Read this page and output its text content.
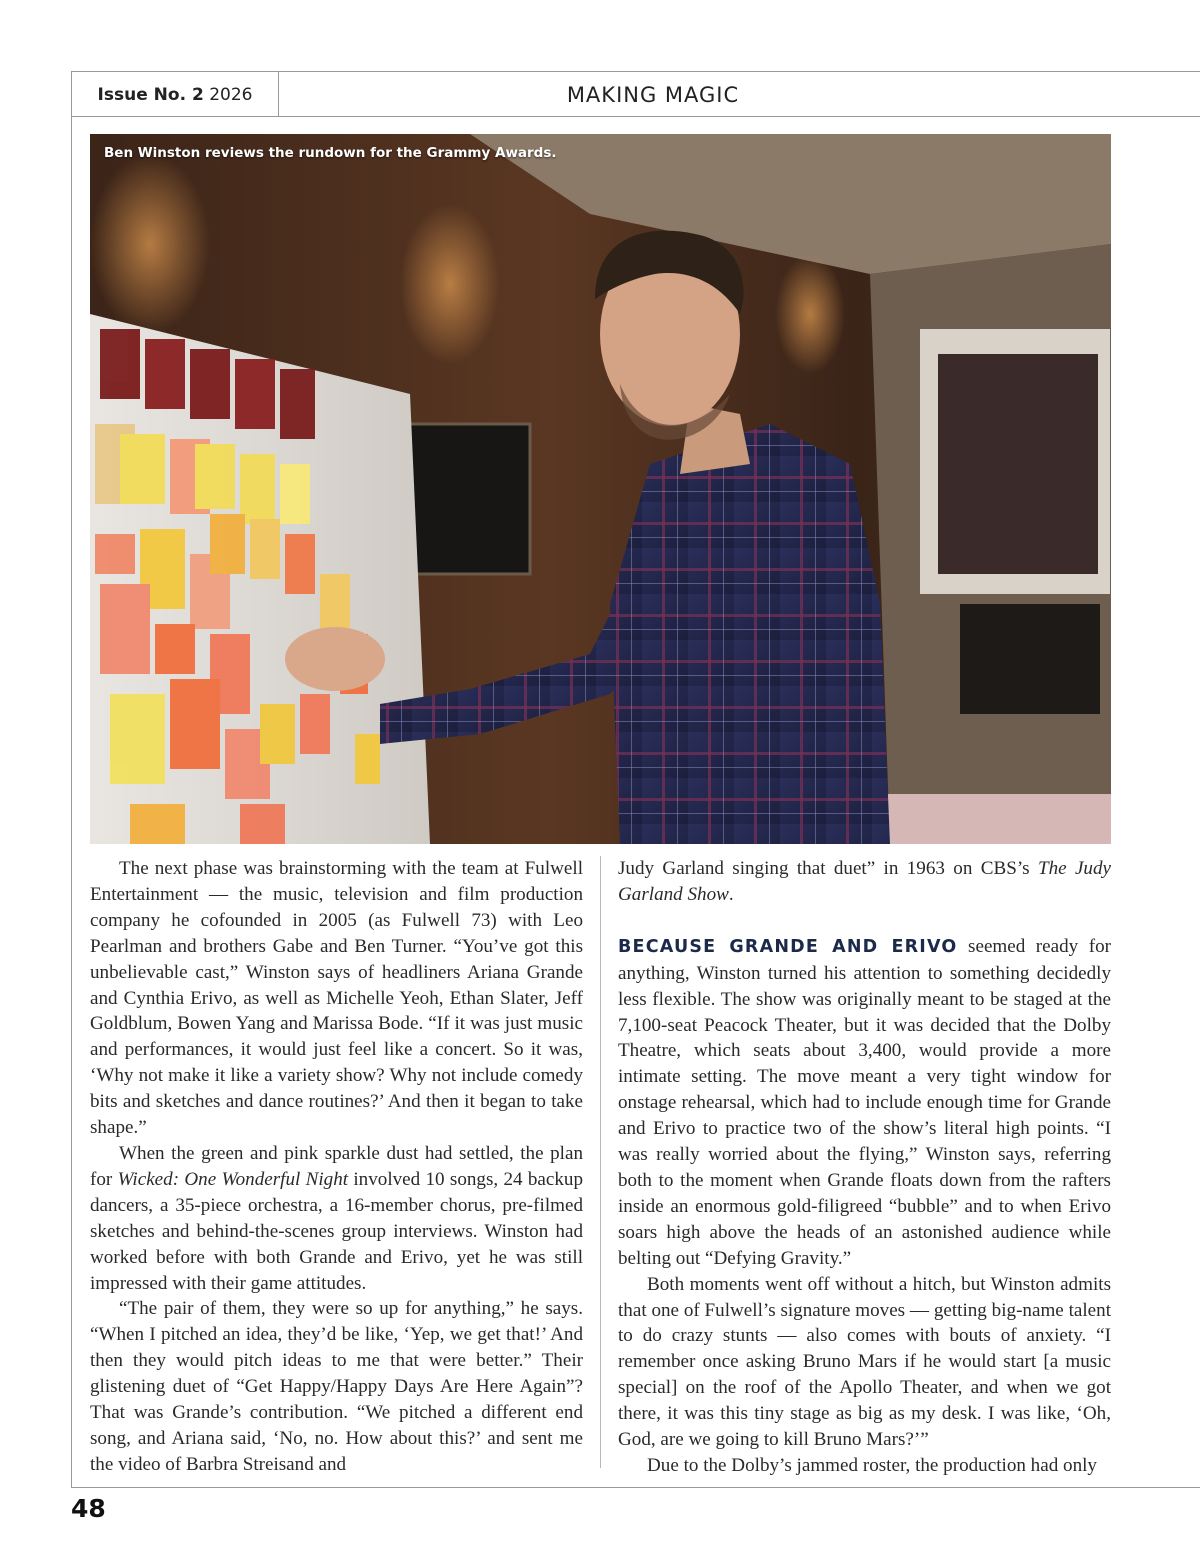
Issue No. 2 2026	MAKING MAGIC
Ben Winston reviews the rundown for the Grammy Awards.

The next phase was brainstorming with the team at Fulwell Entertainment — the music, television and film production company he cofounded in 2005 (as Fulwell 73) with Leo Pearlman and brothers Gabe and Ben Turner. “You’ve got this unbelievable cast,” Winston says of headliners Ariana Grande and Cynthia Erivo, as well as Michelle Yeoh, Ethan Slater, Jeff Goldblum, Bowen Yang and Marissa Bode. “If it was just music and performances, it would just feel like a concert. So it was, ‘Why not make it like a variety show? Why not include comedy bits and sketches and dance routines?’ And then it began to take shape.”

When the green and pink sparkle dust had settled, the plan for Wicked: One Wonderful Night involved 10 songs, 24 backup dancers, a 35-piece orchestra, a 16-member chorus, pre-filmed sketches and behind-the-scenes group interviews. Winston had worked before with both Grande and Erivo, yet he was still impressed with their game attitudes.

“The pair of them, they were so up for anything,” he says. “When I pitched an idea, they’d be like, ‘Yep, we get that!’ And then they would pitch ideas to me that were better.” Their glistening duet of “Get Happy/Happy Days Are Here Again”? That was Grande’s contribution. “We pitched a different end song, and Ariana said, ‘No, no. How about this?’ and sent me the video of Barbra Streisand and

Judy Garland singing that duet” in 1963 on CBS’s The Judy Garland Show.

BECAUSE GRANDE AND ERIVO seemed ready for anything, Winston turned his attention to something decidedly less flexible. The show was originally meant to be staged at the 7,100-seat Peacock Theater, but it was decided that the Dolby Theatre, which seats about 3,400, would provide a more intimate setting. The move meant a very tight window for onstage rehearsal, which had to include enough time for Grande and Erivo to practice two of the show’s literal high points. “I was really worried about the flying,” Winston says, referring both to the moment when Grande floats down from the rafters inside an enormous gold-filigreed “bubble” and to when Erivo soars high above the heads of an astonished audience while belting out “Defying Gravity.”

Both moments went off without a hitch, but Winston admits that one of Fulwell’s signature moves — getting big-name talent to do crazy stunts — also comes with bouts of anxiety. “I remember once asking Bruno Mars if he would start [a music special] on the roof of the Apollo Theater, and when we got there, it was this tiny stage as big as my desk. I was like, ‘Oh, God, are we going to kill Bruno Mars?’”

Due to the Dolby’s jammed roster, the production had only

48
